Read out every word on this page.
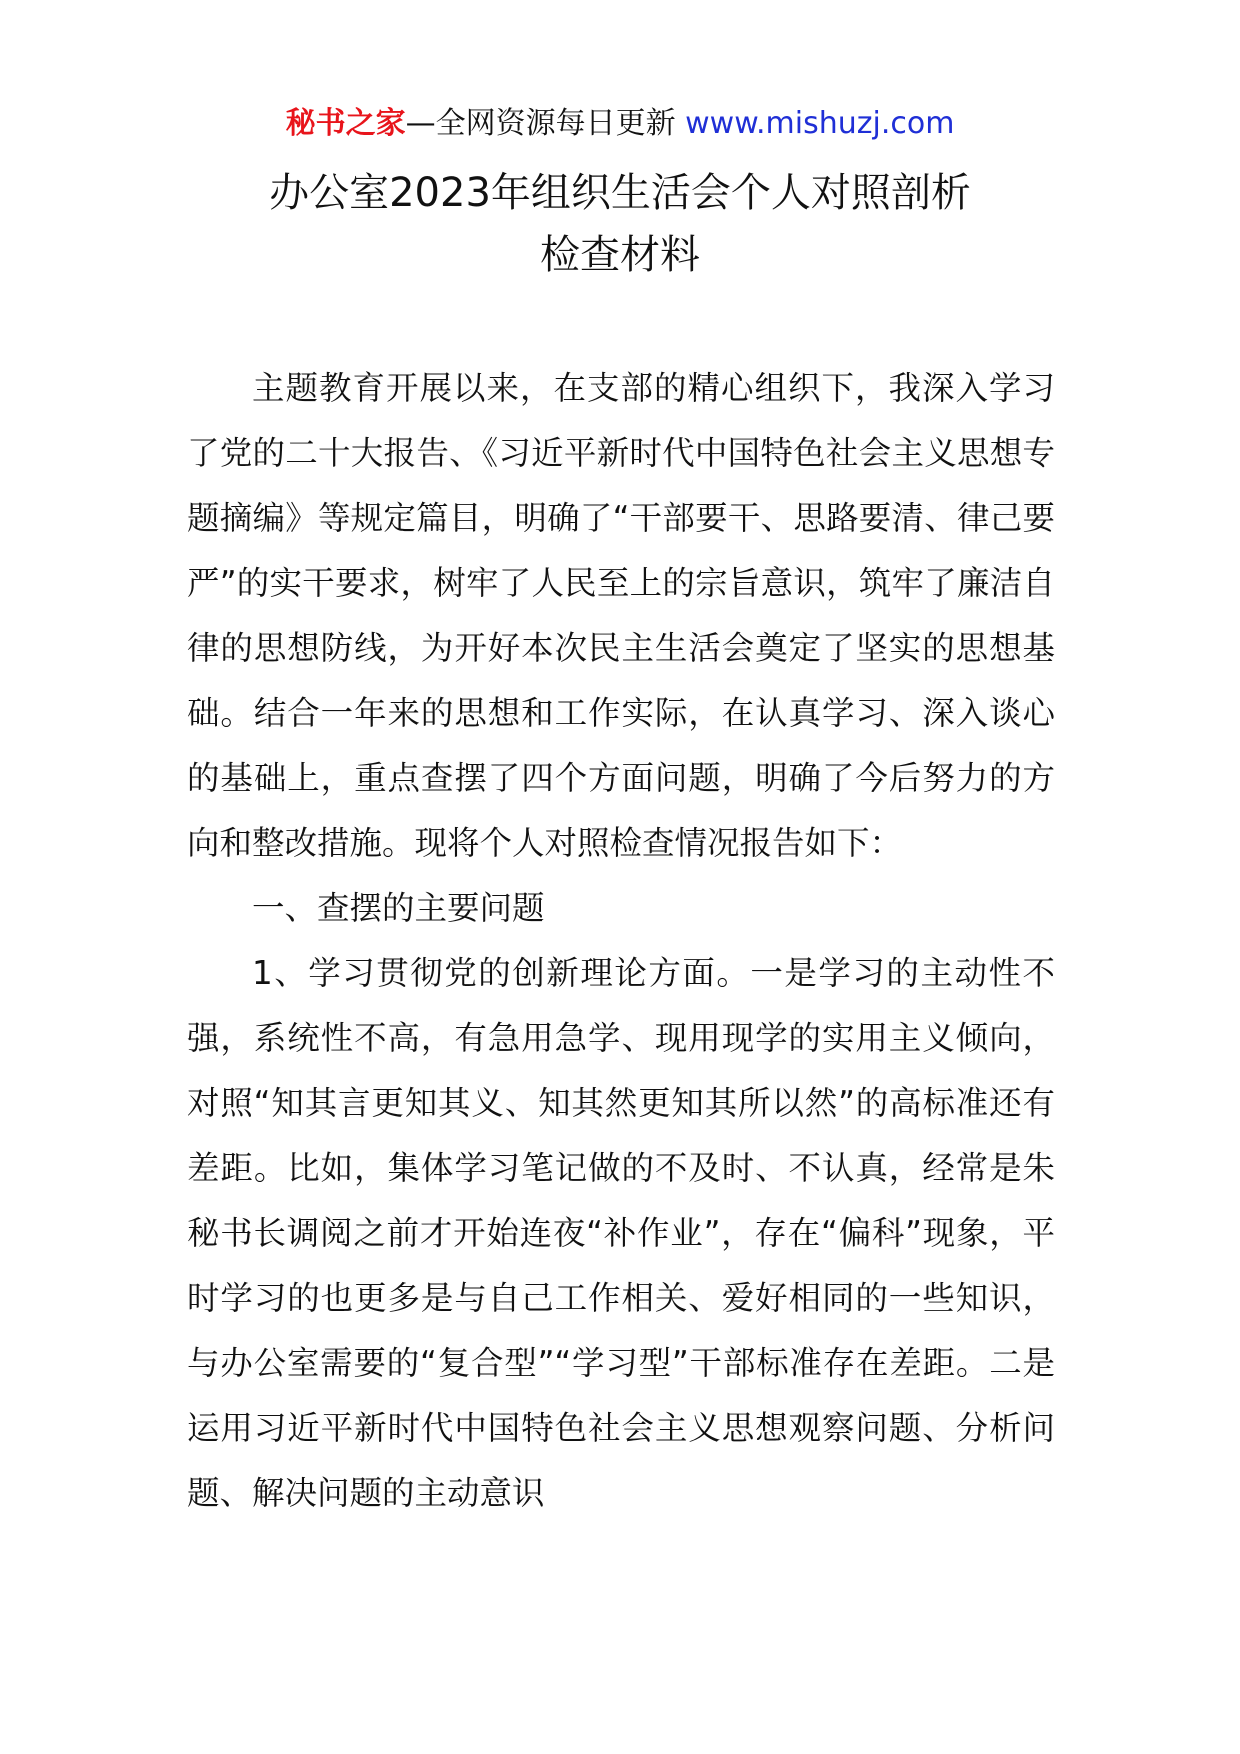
秘书之家—全网资源每日更新 www.mishuzj.com
办公室2023年组织生活会个人对照剖析
检查材料

主题教育开展以来，在支部的精心组织下，我深入学习了党的二十大报告、《习近平新时代中国特色社会主义思想专题摘编》等规定篇目，明确了“干部要干、思路要清、律己要严”的实干要求，树牢了人民至上的宗旨意识，筑牢了廉洁自律的思想防线，为开好本次民主生活会奠定了坚实的思想基础。结合一年来的思想和工作实际，在认真学习、深入谈心的基础上，重点查摆了四个方面问题，明确了今后努力的方向和整改措施。现将个人对照检查情况报告如下：

一、查摆的主要问题

1、学习贯彻党的创新理论方面。一是学习的主动性不强，系统性不高，有急用急学、现用现学的实用主义倾向，对照“知其言更知其义、知其然更知其所以然”的高标准还有差距。比如，集体学习笔记做的不及时、不认真，经常是朱秘书长调阅之前才开始连夜“补作业”，存在“偏科”现象，平时学习的也更多是与自己工作相关、爱好相同的一些知识，与办公室需要的“复合型”“学习型”干部标准存在差距。二是运用习近平新时代中国特色社会主义思想观察问题、分析问题、解决问题的主动意识
